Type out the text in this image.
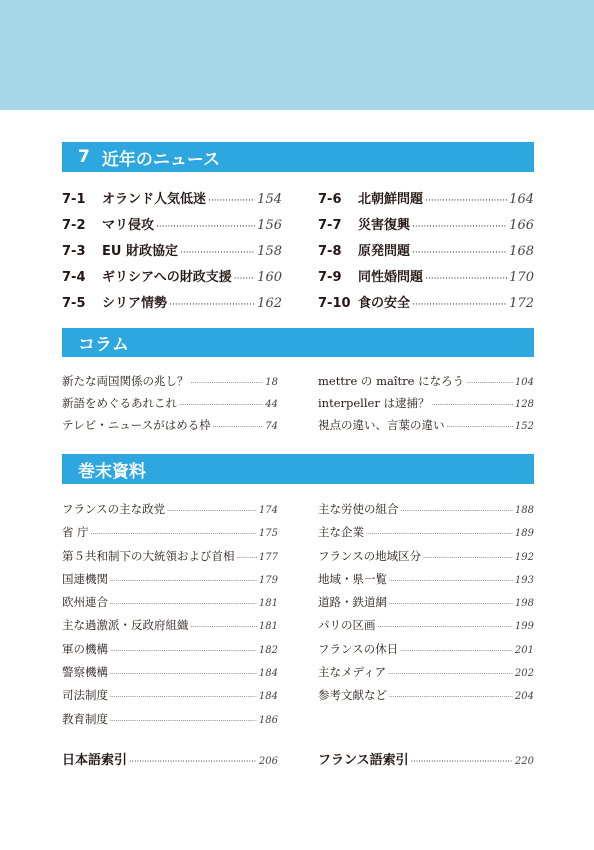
7 近年のニュース
7-1	オランド人気低迷 ·····	154
7-2	マリ侵攻 ·····	156
7-3	EU 財政協定 ·····	158
7-4	ギリシアへの財政支援 ····· 160
7-5	シリア情勢 ·····	162
7-6	北朝鮮問題 ·····	164
7-7	災害復興 ·····	166
7-8	原発問題 ·····	168
7-9	同性婚問題 ·····	170
7-10 食の安全 ·····	172
コラム
新たな両国関係の兆し？ ·····	18
新語をめぐるあれこれ ·····	44
テレビ・ニュースがはめる枠 ·····	74
mettre の maître になろう ·····	104
interpeller は逮捕？ ·····	128
視点の違い、言葉の違い ·····	152
巻末資料
フランスの主な政党 ·····	174
省 庁 ·····	175
第５共和制下の大統領および首相 ····· 177
国連機関 ·····	179
欧州連合 ·····	181
主な過激派・反政府組織 ·····	181
軍の機構 ·····	182
警察機構 ·····	184
司法制度 ·····	184
教育制度 ·····	186
主な労使の組合 ·····	188
主な企業 ·····	189
フランスの地域区分 ·····	192
地域・県一覧 ·····	193
道路・鉄道網 ·····	198
パリの区画 ·····	199
フランスの休日 ·····	201
主なメディア ·····	202
参考文献など ·····	204
日本語索引 ·····	206	フランス語索引 ·····	220
